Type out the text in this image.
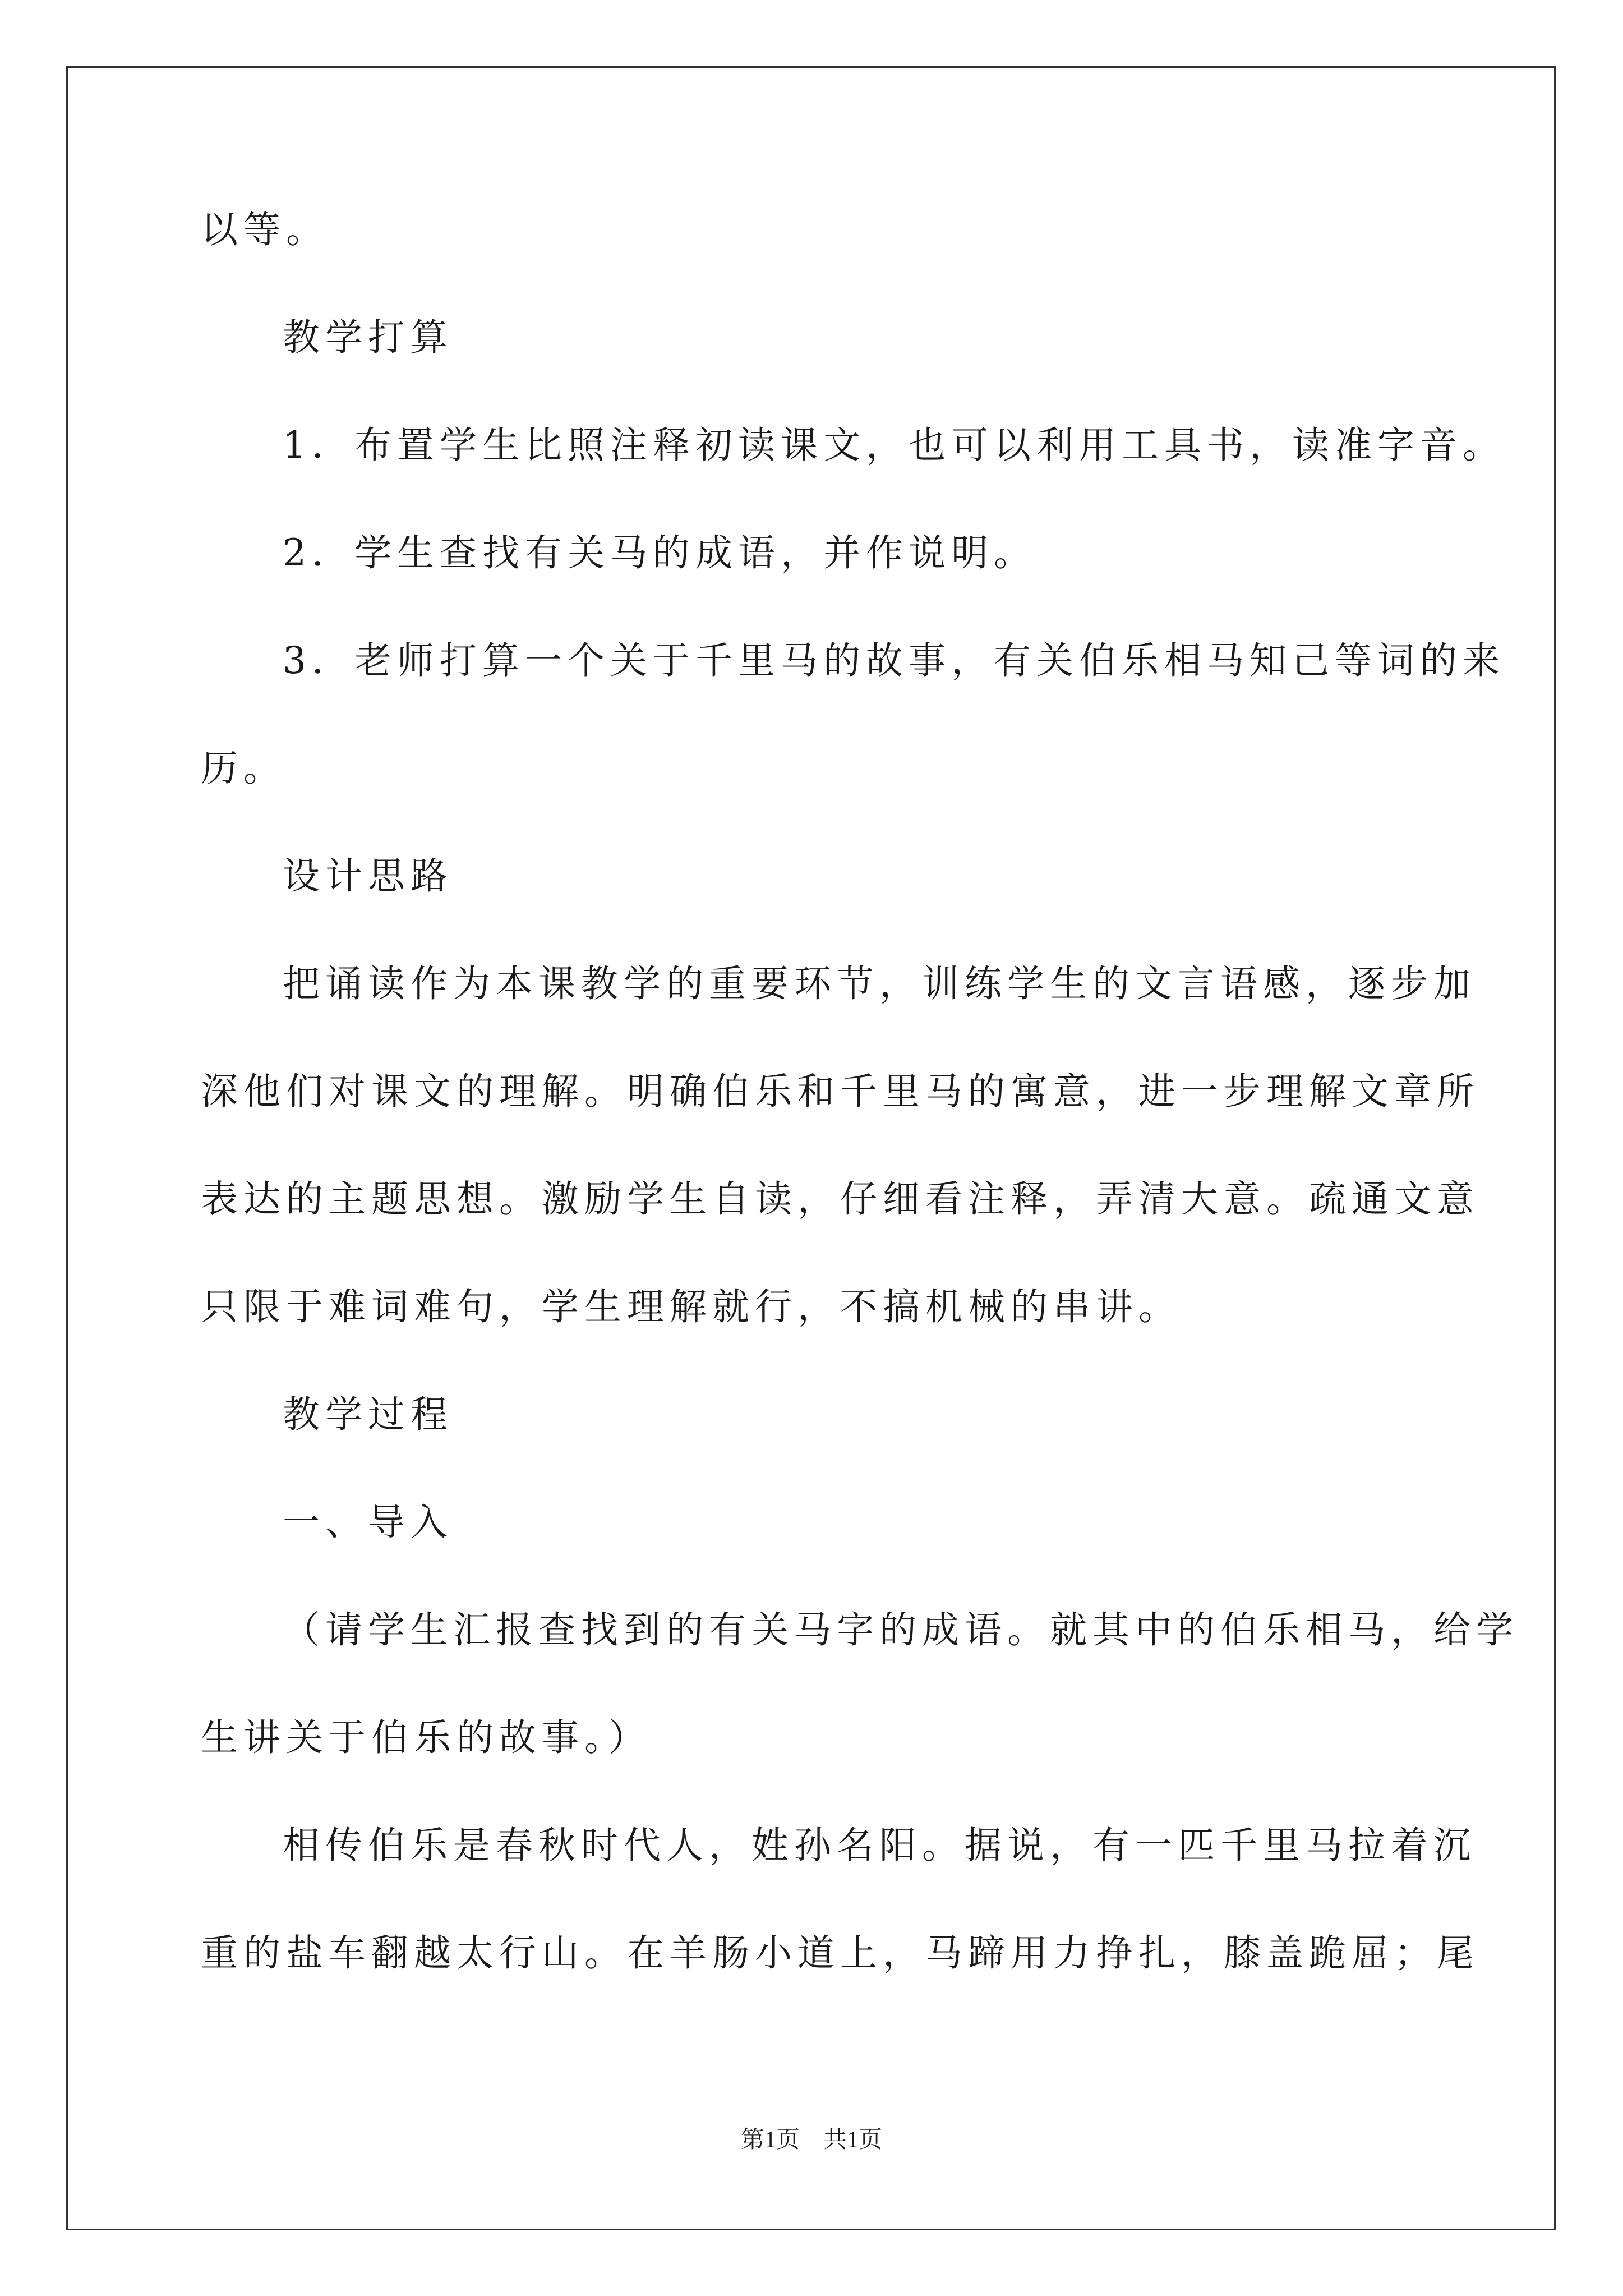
以等。
教学打算
1．布置学生比照注释初读课文，也可以利用工具书，读准字音。
2．学生查找有关马的成语，并作说明。
3．老师打算一个关于千里马的故事，有关伯乐相马知己等词的来
历。
设计思路
把诵读作为本课教学的重要环节，训练学生的文言语感，逐步加
深他们对课文的理解。明确伯乐和千里马的寓意，进一步理解文章所
表达的主题思想。激励学生自读，仔细看注释，弄清大意。疏通文意
只限于难词难句，学生理解就行，不搞机械的串讲。
教学过程
一、导入
（请学生汇报查找到的有关马字的成语。就其中的伯乐相马，给学
生讲关于伯乐的故事。）
相传伯乐是春秋时代人，姓孙名阳。据说，有一匹千里马拉着沉
重的盐车翻越太行山。在羊肠小道上，马蹄用力挣扎，膝盖跪屈；尾
第1页　共1页
